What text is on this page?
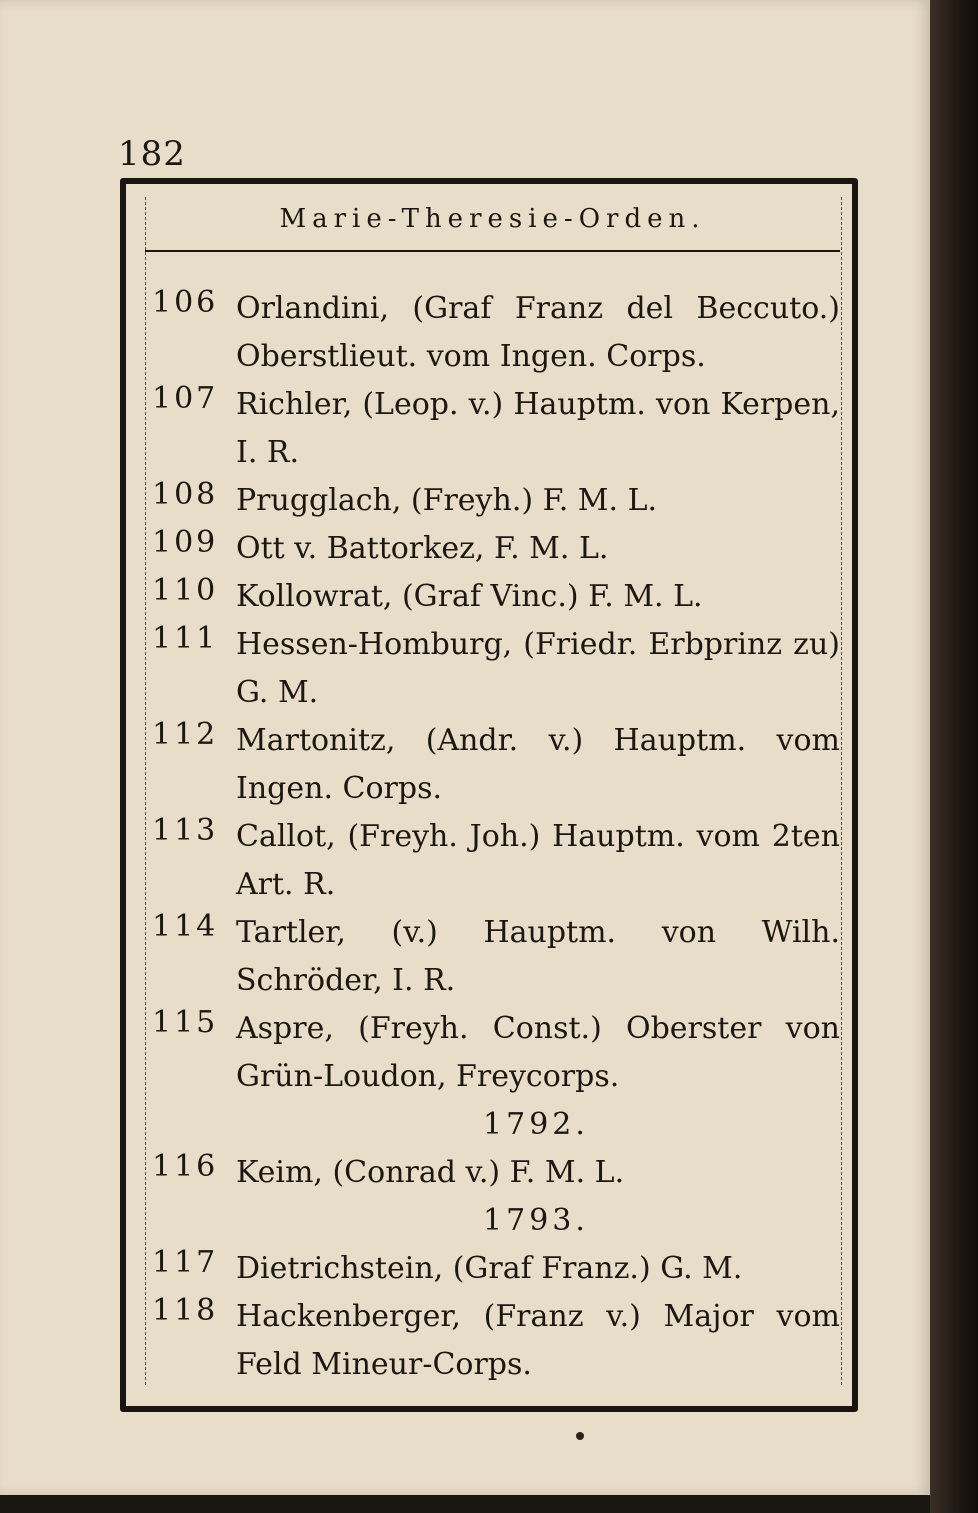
182
Marie-Theresie-Orden.
106 Orlandini, (Graf Franz del Beccuto.) Oberstlieut. vom Ingen. Corps.
107 Richler, (Leop. v.) Hauptm. von Kerpen, I. R.
108 Prugglach, (Freyh.) F. M. L.
109 Ott v. Battorkez, F. M. L.
110 Kollowrat, (Graf Vinc.) F. M. L.
111 Hessen-Homburg, (Friedr. Erbprinz zu) G. M.
112 Martonitz, (Andr. v.) Hauptm. vom Ingen. Corps.
113 Callot, (Freyh. Joh.) Hauptm. vom 2ten Art. R.
114 Tartler, (v.) Hauptm. von Wilh. Schröder, I. R.
115 Aspre, (Freyh. Const.) Oberster von Grün-Loudon, Freycorps.
1792.
116 Keim, (Conrad v.) F. M. L.
1793.
117 Dietrichstein, (Graf Franz.) G. M.
118 Hackenberger, (Franz v.) Major vom Feld Mineur-Corps.
